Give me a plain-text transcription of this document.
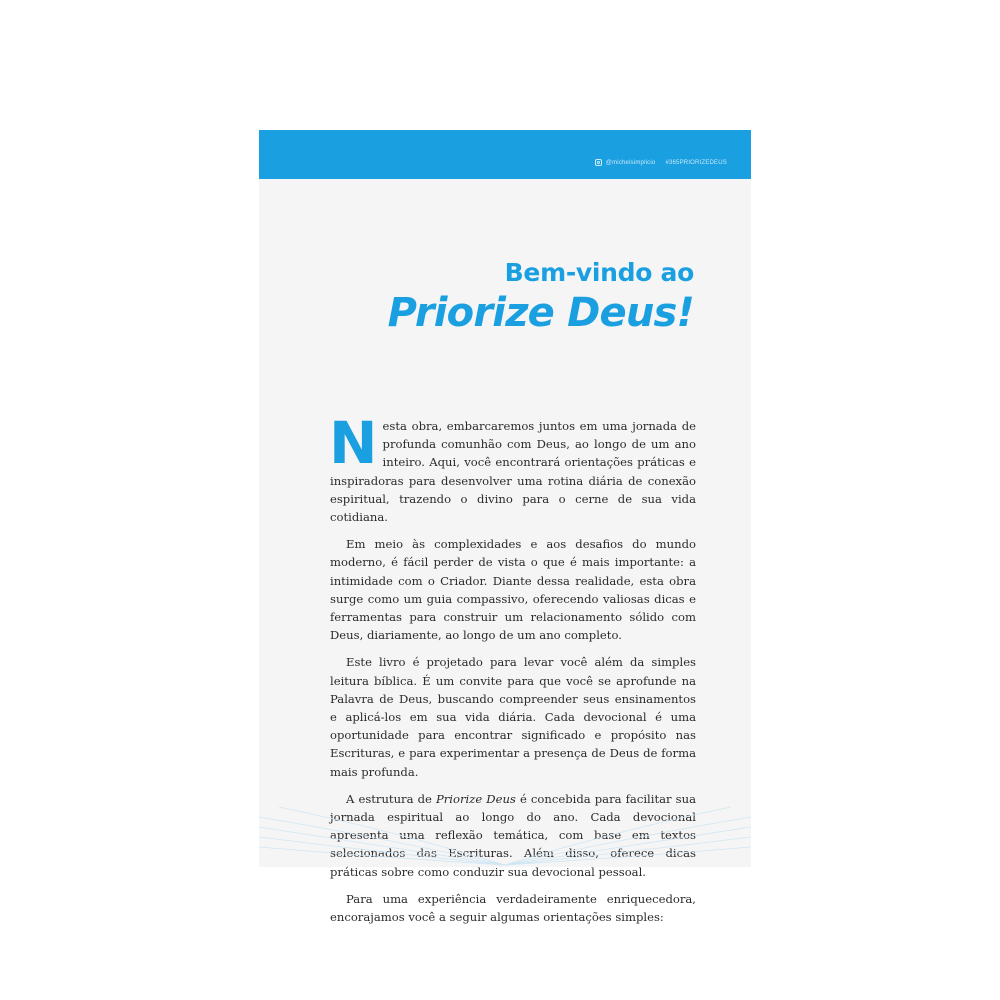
@michelsimplicio #365PRIORIZEDEUS
Bem-vindo ao
Priorize Deus!

Nesta obra, embarcaremos juntos em uma jornada de profunda comunhão com Deus, ao longo de um ano inteiro. Aqui, você encontrará orientações práticas e inspiradoras para desenvolver uma rotina diária de conexão espiritual, trazendo o divino para o cerne de sua vida cotidiana.

Em meio às complexidades e aos desafios do mundo moderno, é fácil perder de vista o que é mais importante: a intimidade com o Criador. Diante dessa realidade, esta obra surge como um guia compassivo, oferecendo valiosas dicas e ferramentas para construir um relacionamento sólido com Deus, diariamente, ao longo de um ano completo.

Este livro é projetado para levar você além da simples leitura bíblica. É um convite para que você se aprofunde na Palavra de Deus, buscando compreender seus ensinamentos e aplicá-los em sua vida diária. Cada devocional é uma oportunidade para encontrar significado e propósito nas Escrituras, e para experimentar a presença de Deus de forma mais profunda.

A estrutura de Priorize Deus é concebida para facilitar sua jornada espiritual ao longo do ano. Cada devocional apresenta uma reflexão temática, com base em textos selecionados das Escrituras. Além disso, oferece dicas práticas sobre como conduzir sua devocional pessoal.

Para uma experiência verdadeiramente enriquecedora, encorajamos você a seguir algumas orientações simples:
